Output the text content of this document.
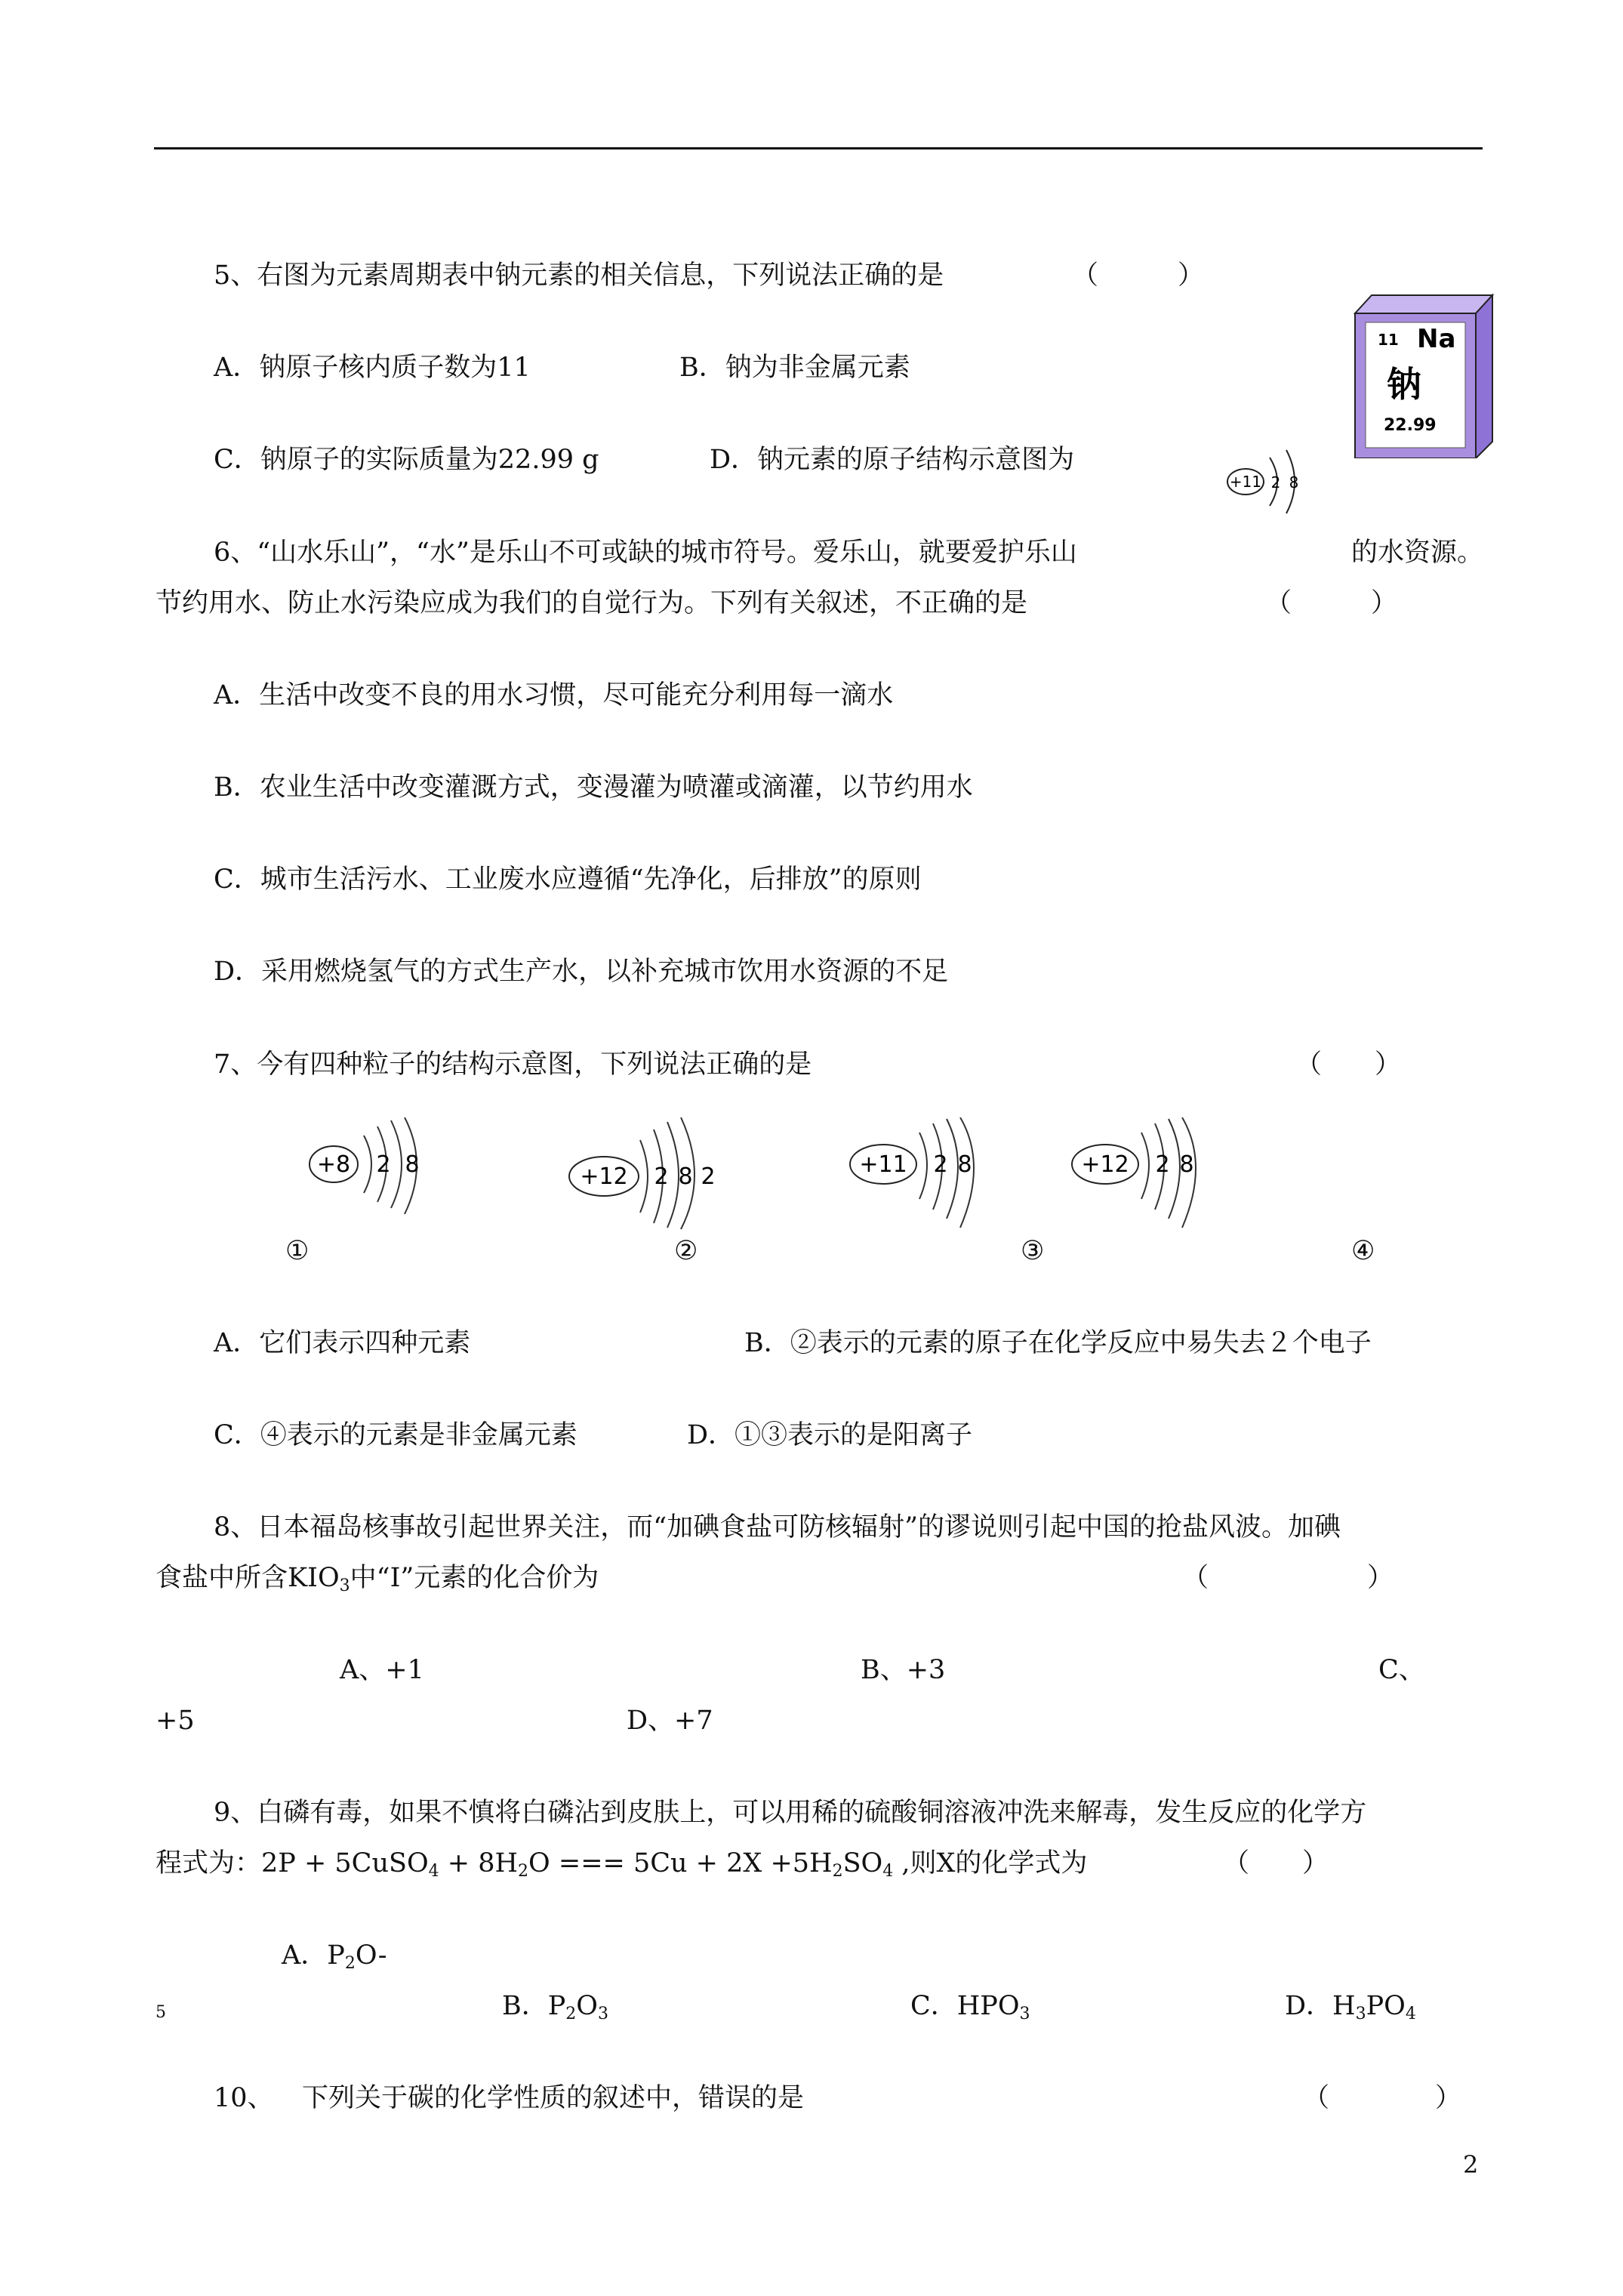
5、右图为元素周期表中钠元素的相关信息，下列说法正确的是	（　　　）
A．钠原子核内质子数为11	B．钠为非金属元素
C．钠原子的实际质量为22.99 g	D．钠元素的原子结构示意图为
11 Na
钠
22.99
+11 2 8
6、“山水乐山”，“水”是乐山不可或缺的城市符号。爱乐山，就要爱护乐山	的水资源。
节约用水、防止水污染应成为我们的自觉行为。下列有关叙述，不正确的是	（　　　）
A．生活中改变不良的用水习惯，尽可能充分利用每一滴水
B．农业生活中改变灌溉方式，变漫灌为喷灌或滴灌，以节约用水
C．城市生活污水、工业废水应遵循“先净化，后排放”的原则
D．采用燃烧氢气的方式生产水，以补充城市饮用水资源的不足
7、今有四种粒子的结构示意图，下列说法正确的是	（　　）
+8 2 8	+12 2 8 2	+11 2 8	+12 2 8
①	②	③	④
A．它们表示四种元素	B．②表示的元素的原子在化学反应中易失去２个电子
C．④表示的元素是非金属元素	D．①③表示的是阳离子
8、日本福岛核事故引起世界关注，而“加碘食盐可防核辐射”的谬说则引起中国的抢盐风波。加碘
食盐中所含$KIO_3$中“I”元素的化合价为	（　　　　　　）
A、+1	B、+3	C、
+5	D、+7
9、白磷有毒，如果不慎将白磷沾到皮肤上，可以用稀的硫酸铜溶液冲洗来解毒，发生反应的化学方
程式为：2P + 5CuSO$_4$ + $8H_2O$ === $5Cu + 2X +5H_2SO_4$ ,则X的化学式为	（　　）
A．$P_2O-$
5	B．$P_2O_3$	C．$HPO_3$	D．$H_3PO_4$
10、 下列关于碳的化学性质的叙述中，错误的是	（　　　　）
2
